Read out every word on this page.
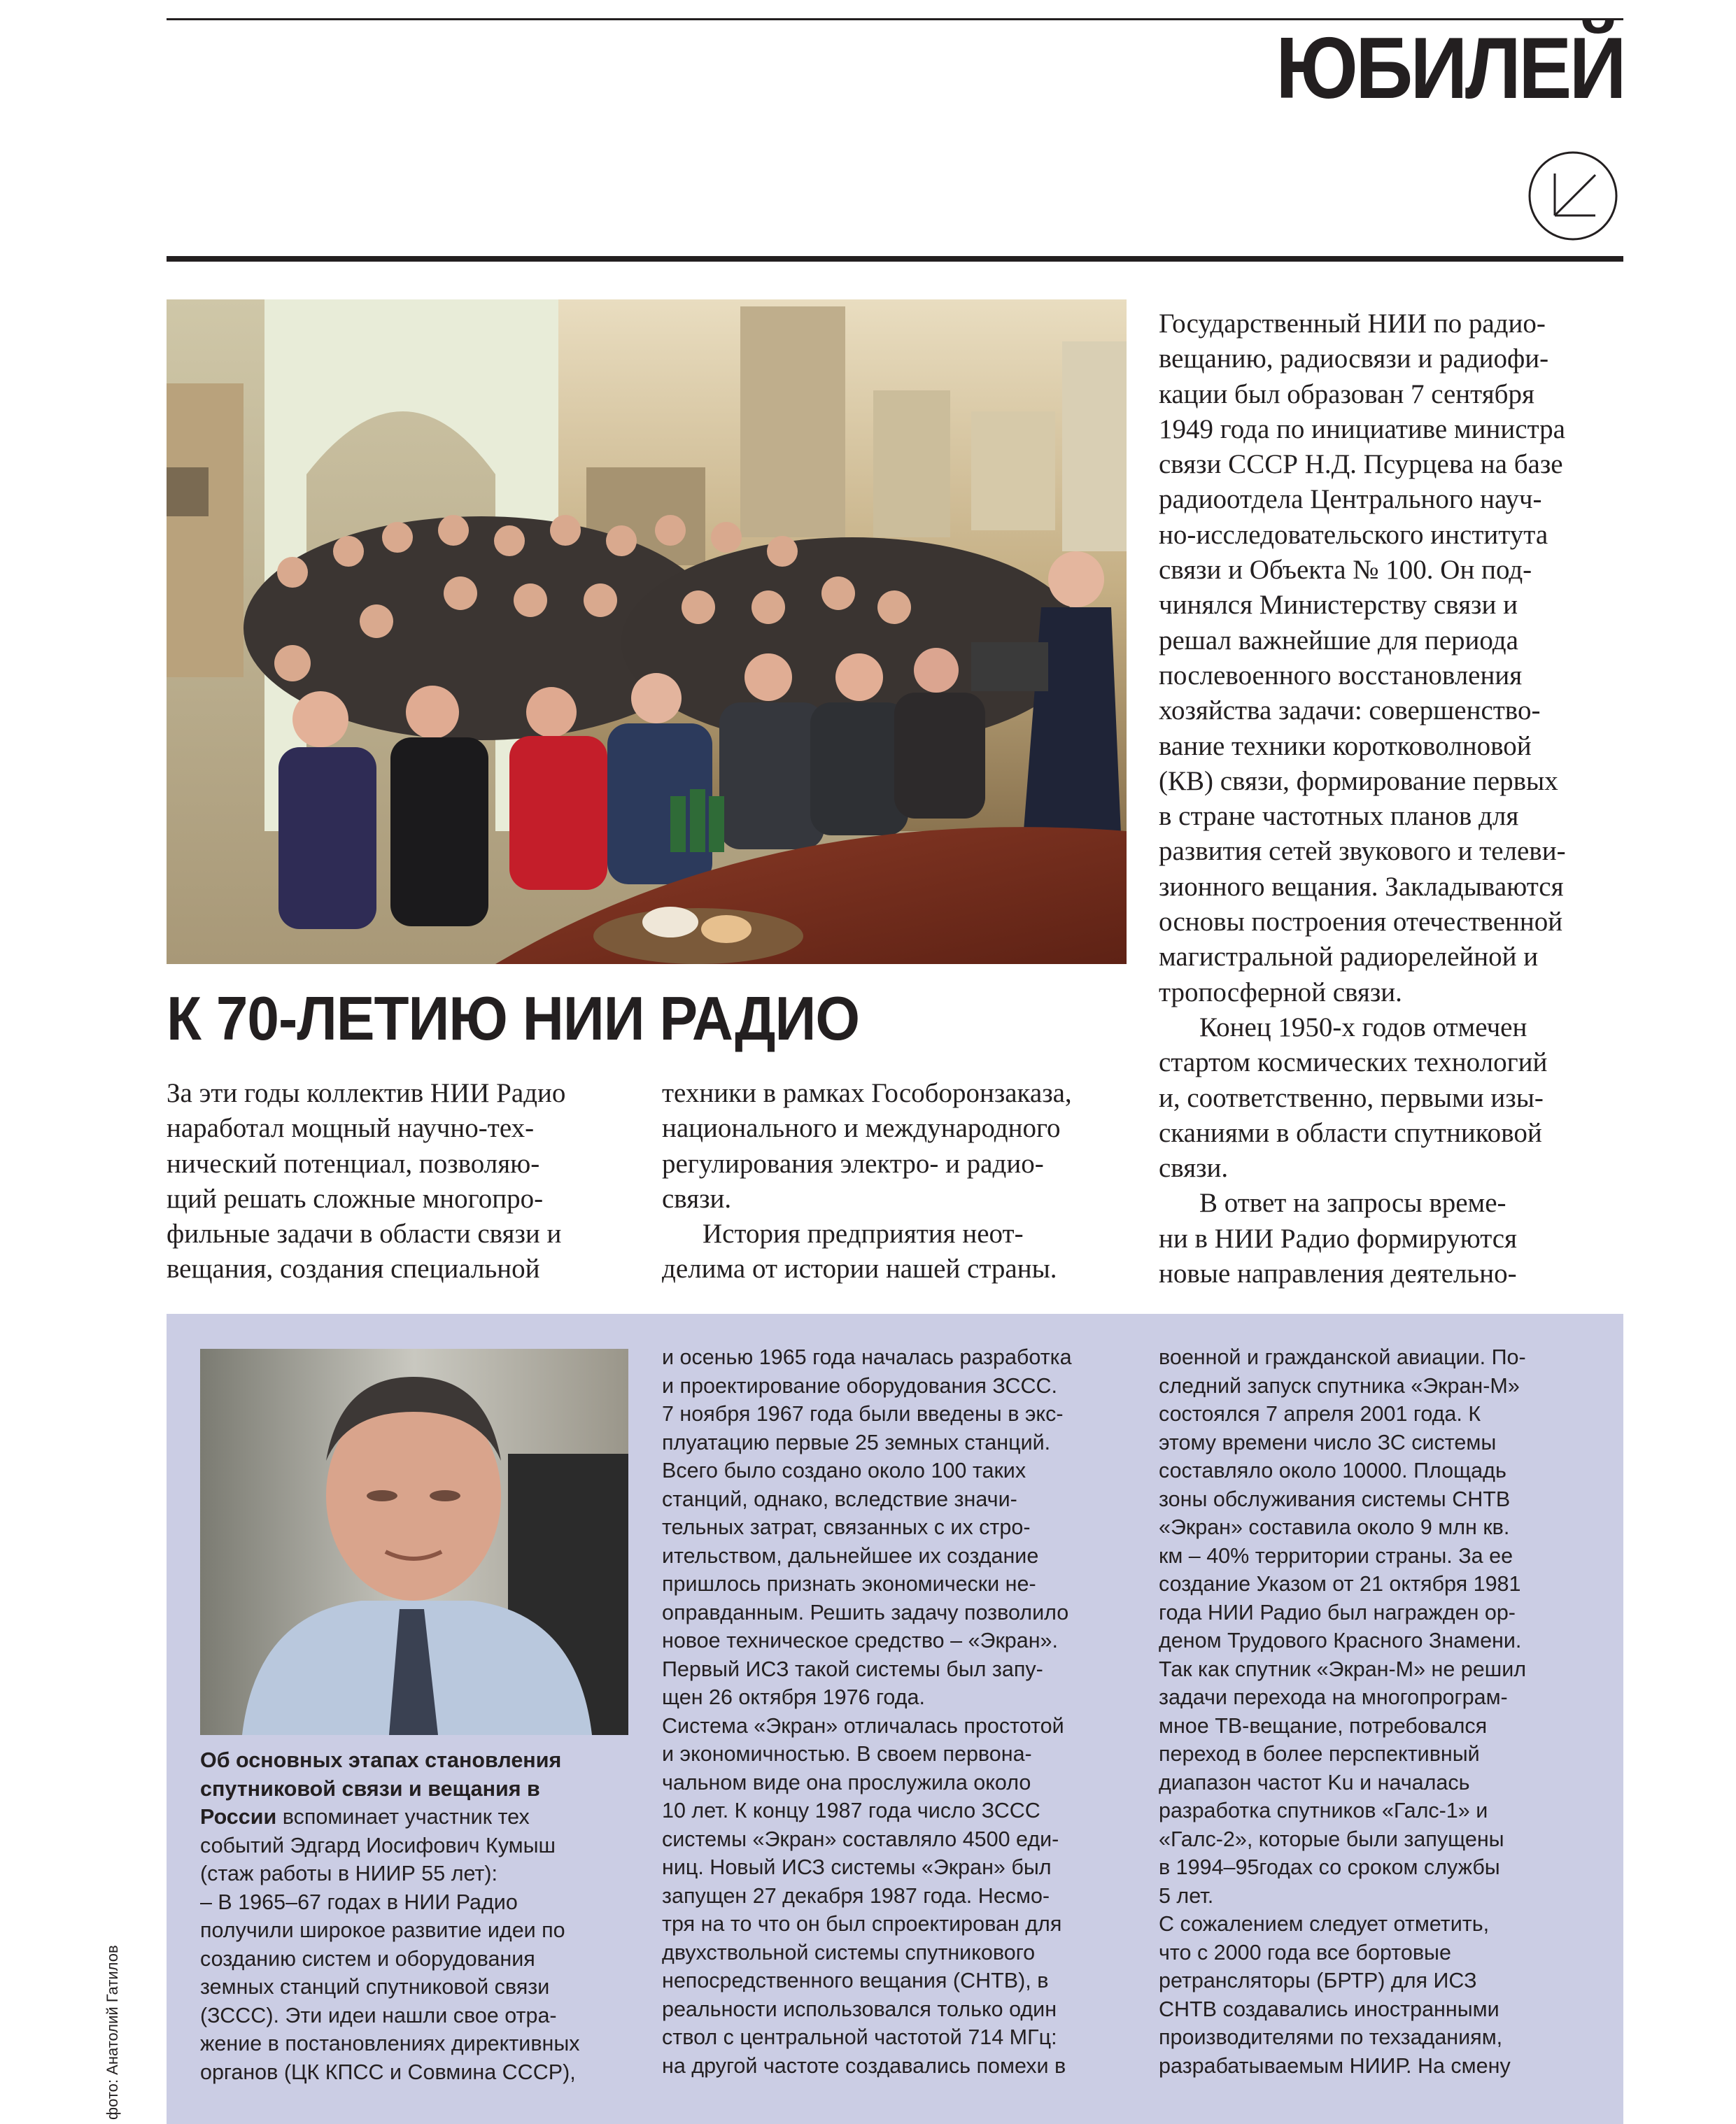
ЮБИЛЕЙ
К 70-ЛЕТИЮ НИИ РАДИО

За эти годы коллектив НИИ Радио
наработал мощный научно-тех-
нический потенциал, позволяю-
щий решать сложные многопро-
фильные задачи в области связи и
вещания, создания специальной

техники в рамках Гособоронзаказа,
национального и международного
регулирования электро- и радио-
связи.

История предприятия неот-
делима от истории нашей страны.

Государственный НИИ по радио-
вещанию, радиосвязи и радиофи-
кации был образован 7 сентября
1949 года по инициативе министра
связи СССР Н.Д. Псурцева на базе
радиоотдела Центрального науч-
но-исследовательского института
связи и Объекта № 100. Он под-
чинялся Министерству связи и
решал важнейшие для периода
послевоенного восстановления
хозяйства задачи: совершенство-
вание техники коротковолновой
(КВ) связи, формирование первых
в стране частотных планов для
развития сетей звукового и телеви-
зионного вещания. Закладываются
основы построения отечественной
магистральной радиорелейной и
тропосферной связи.

Конец 1950-х годов отмечен
стартом космических технологий
и, соответственно, первыми изы-
сканиями в области спутниковой
связи.

В ответ на запросы време-
ни в НИИ Радио формируются
новые направления деятельно-

Об основных этапах становления
спутниковой связи и вещания в
России вспоминает участник тех
событий Эдгард Иосифович Кумыш
(стаж работы в НИИР 55 лет):
– В 1965–67 годах в НИИ Радио
получили широкое развитие идеи по
созданию систем и оборудования
земных станций спутниковой связи
(ЗССС). Эти идеи нашли свое отра-
жение в постановлениях директивных
органов (ЦК КПСС и Совмина СССР),

и осенью 1965 года началась разработка
и проектирование оборудования ЗССС.
7 ноября 1967 года были введены в экс-
плуатацию первые 25 земных станций.
Всего было создано около 100 таких
станций, однако, вследствие значи-
тельных затрат, связанных с их стро-
ительством, дальнейшее их создание
пришлось признать экономически не-
оправданным. Решить задачу позволило
новое техническое средство – «Экран».
Первый ИСЗ такой системы был запу-
щен 26 октября 1976 года.
Система «Экран» отличалась простотой
и экономичностью. В своем первона-
чальном виде она прослужила около
10 лет. К концу 1987 года число ЗССС
системы «Экран» составляло 4500 еди-
ниц. Новый ИСЗ системы «Экран» был
запущен 27 декабря 1987 года. Несмо-
тря на то что он был спроектирован для
двухствольной системы спутникового
непосредственного вещания (СНТВ), в
реальности использовался только один
ствол с центральной частотой 714 МГц:
на другой частоте создавались помехи в

военной и гражданской авиации. По-
следний запуск спутника «Экран-М»
состоялся 7 апреля 2001 года. К
этому времени число ЗС системы
составляло около 10000. Площадь
зоны обслуживания системы СНТВ
«Экран» составила около 9 млн кв.
км – 40% территории страны. За ее
создание Указом от 21 октября 1981
года НИИ Радио был награжден ор-
деном Трудового Красного Знамени.
Так как спутник «Экран-М» не решил
задачи перехода на многопрограм-
мное ТВ-вещание, потребовался
переход в более перспективный
диапазон частот Ku и началась
разработка спутников «Галс-1» и
«Галс-2», которые были запущены
в 1994–95годах со сроком службы
5 лет.
С сожалением следует отметить,
что с 2000 года все бортовые
ретрансляторы (БРТР) для ИСЗ
СНТВ создавались иностранными
производителями по техзаданиям,
разрабатываемым НИИР. На смену

фото: Анатолий Гатилов
